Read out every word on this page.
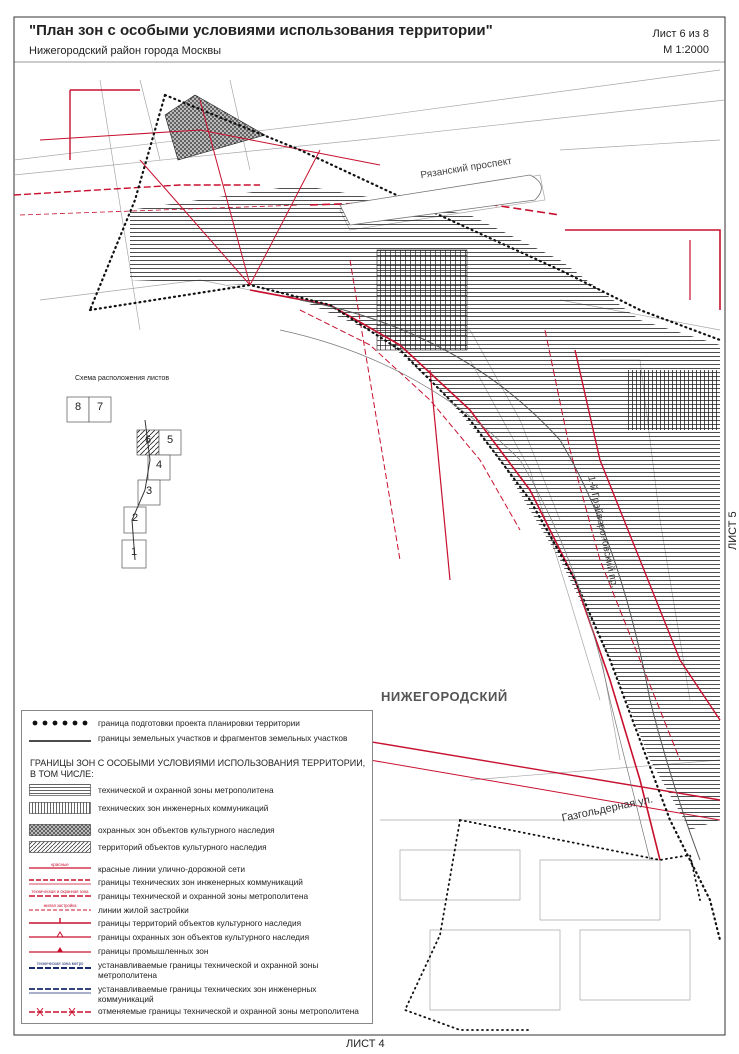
"План зон с особыми условиями использования территории"
Нижегородский район города Москвы
Лист 6 из 8
М 1:2000
ЛИСТ 5
ЛИСТ 4
Рязанский проспект
Газгольдерная ул.
1-й Грайвороновский пр.
НИЖЕГОРОДСКИЙ
Схема расположения листов
8	7
6	5
4
3
2
1
граница подготовки проекта планировки территории
границы земельных участков и фрагментов земельных участков
ГРАНИЦЫ ЗОН С ОСОБЫМИ УСЛОВИЯМИ ИСПОЛЬЗОВАНИЯ ТЕРРИТОРИИ, В ТОМ ЧИСЛЕ:
технической и охранной зоны метрополитена
технических зон инженерных коммуникаций
охранных зон объектов культурного наследия
территорий объектов культурного наследия
красные	красные линии улично-дорожной сети
границы технических зон инженерных коммуникаций
техническая и охранная зона границы технической и охранной зоны метрополитена
жилая застройка	линии жилой застройки
границы территорий объектов культурного наследия
границы охранных зон объектов культурного наследия
границы промышленных зон
техническая зона метро устанавливаемые границы технической и охранной зоны метрополитена
устанавливаемые границы технических зон инженерных коммуникаций
отменяемые границы технической и охранной зоны метрополитена
